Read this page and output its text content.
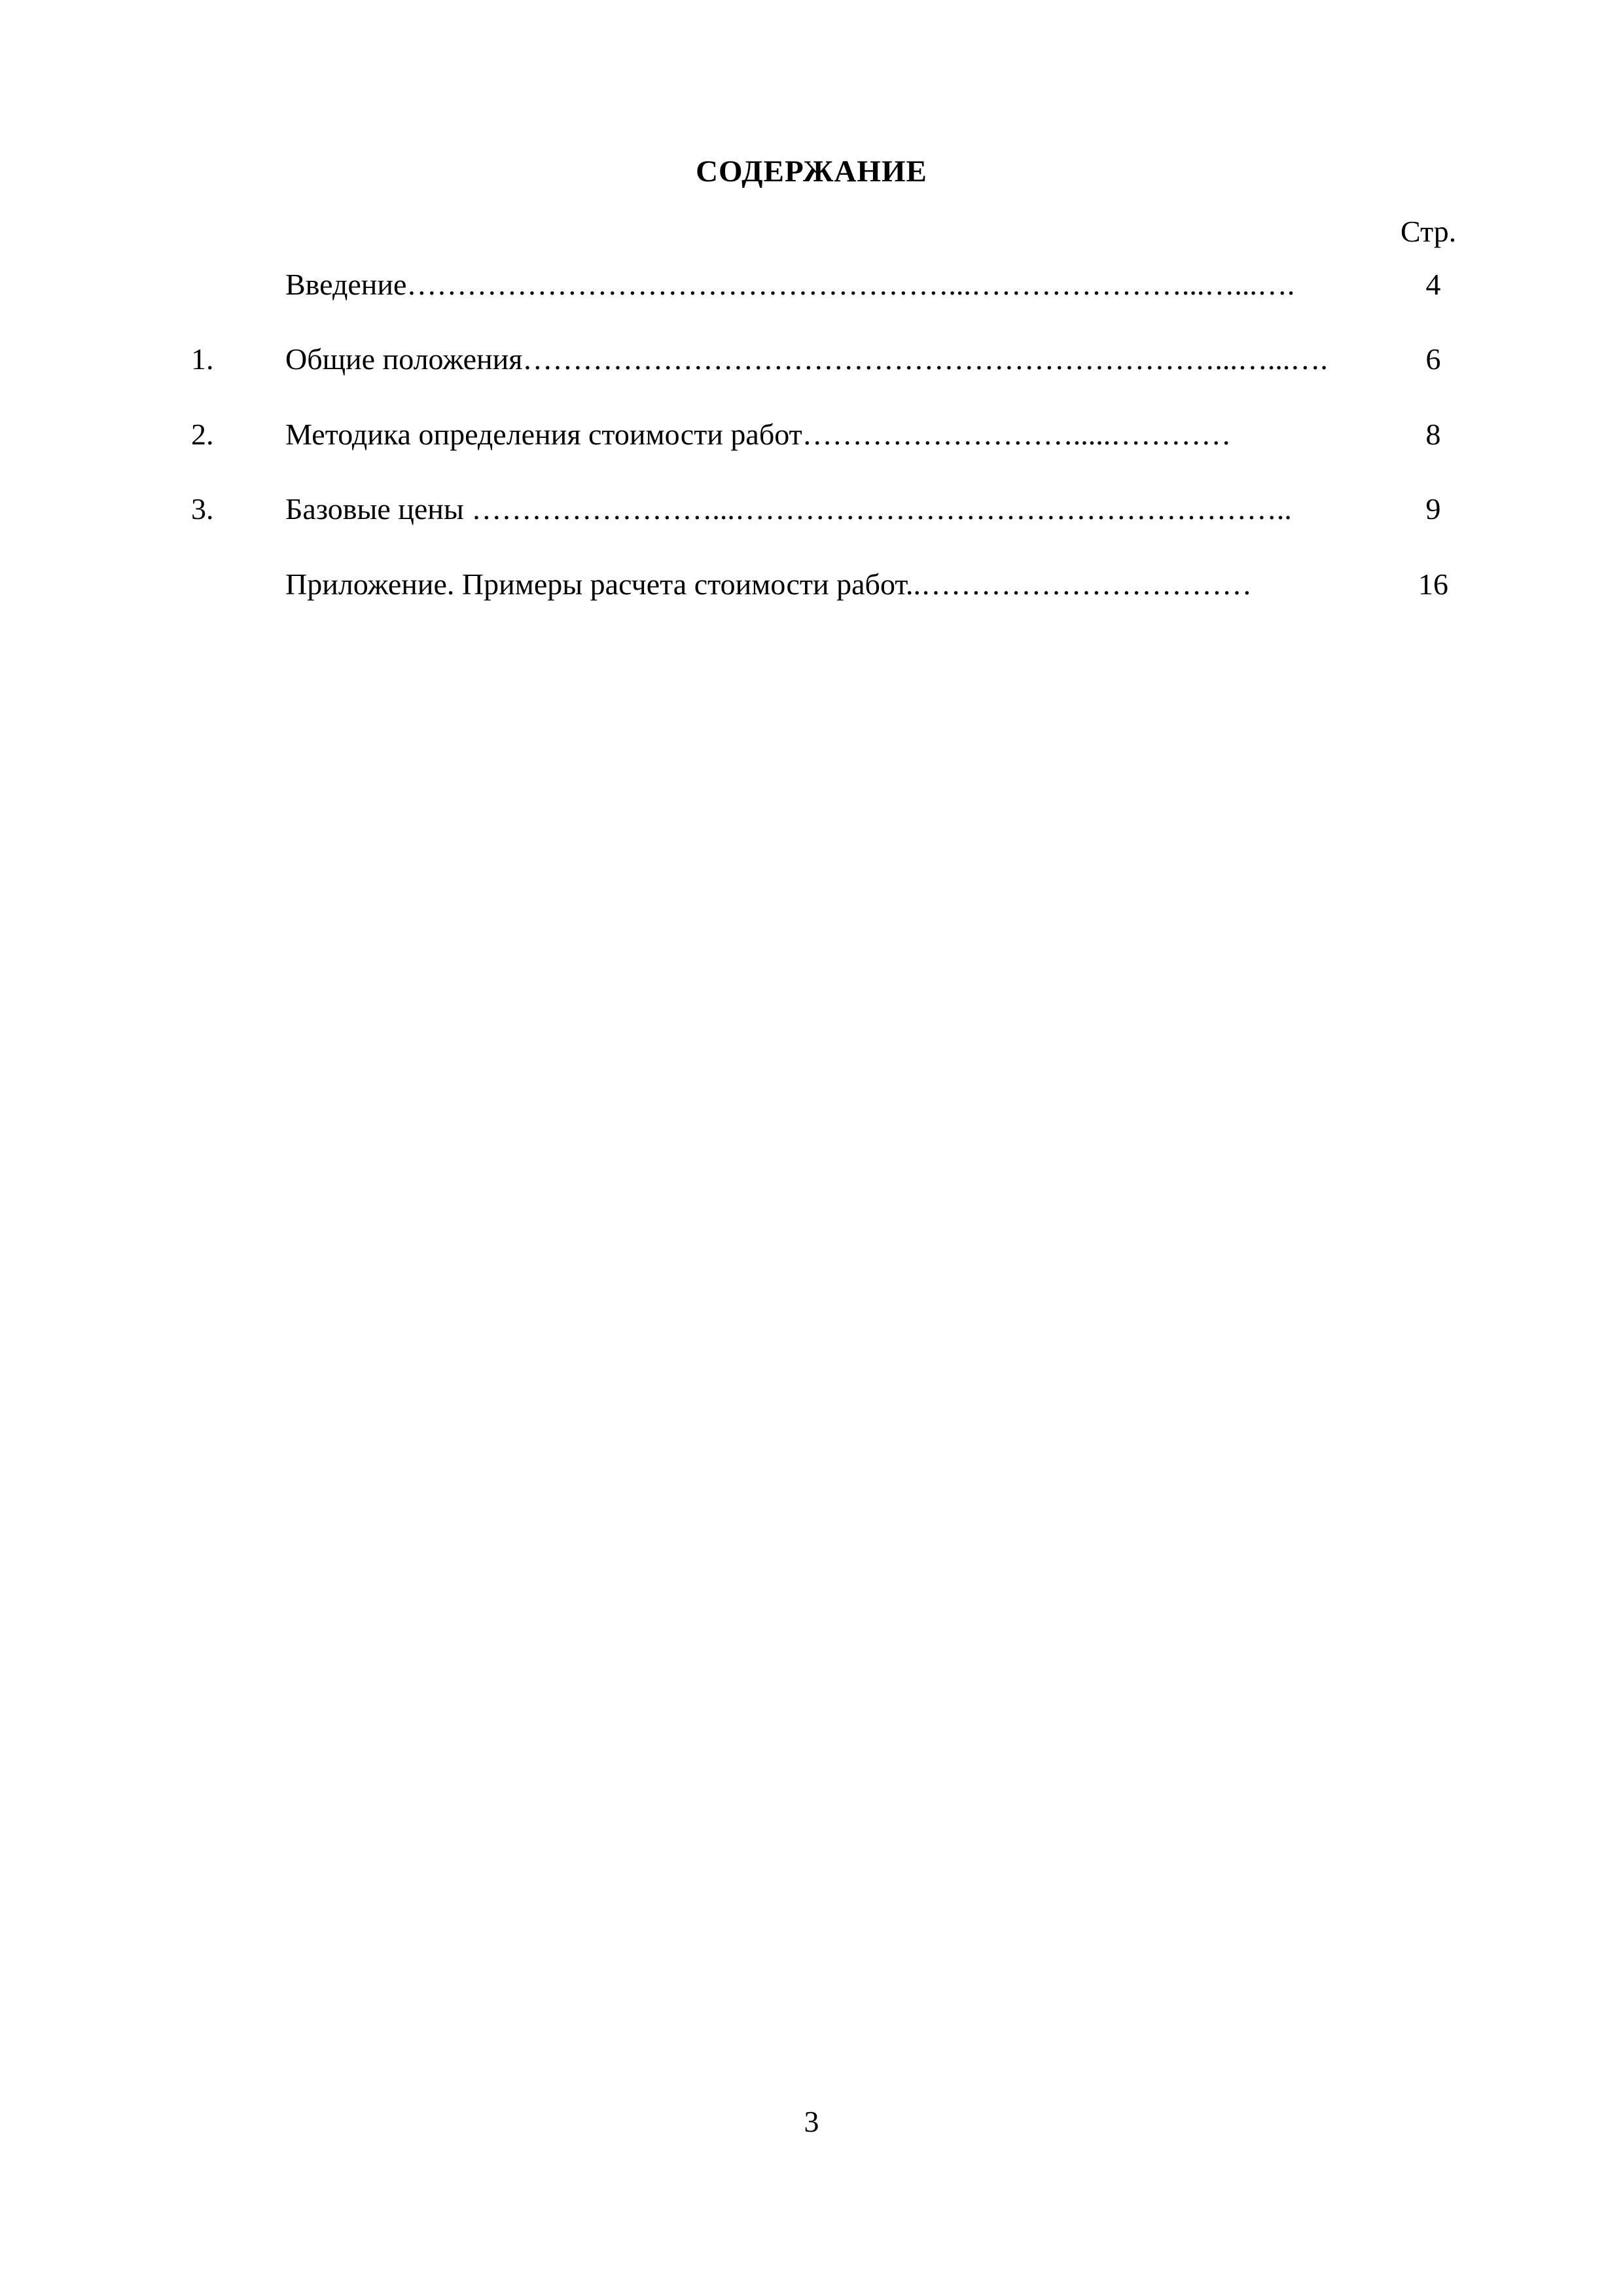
СОДЕРЖАНИЕ
Стр.
Введение………………………………………………...…………………...…...….	4
1.	Общие положения……………………………………………………………...…...….	6
2.	Методика определения стоимости работ……………………….....…………	8
3.	Базовые цены ……………………...………………………………………………..	9
Приложение. Примеры расчета стоимости работ..……………………………	16
3
